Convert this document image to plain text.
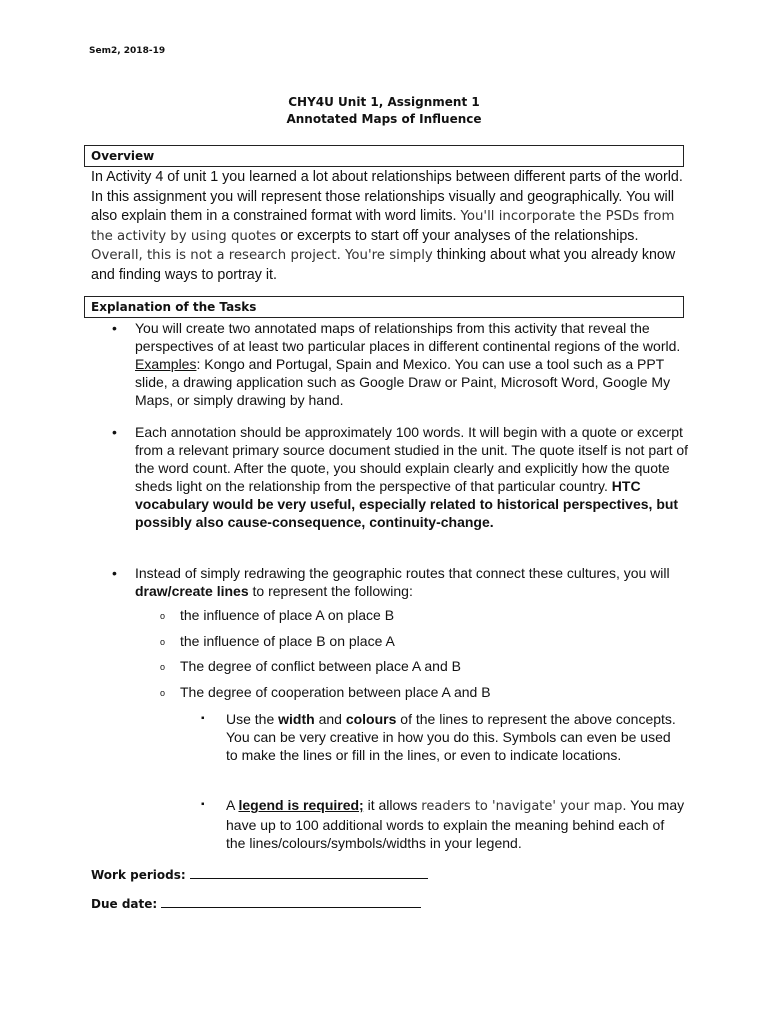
Sem2, 2018-19
CHY4U Unit 1, Assignment 1
Annotated Maps of Influence
Overview
In Activity 4 of unit 1 you learned a lot about relationships between different parts of the world. In this assignment you will represent those relationships visually and geographically. You will also explain them in a constrained format with word limits. You'll incorporate the PSDs from the activity by using quotes or excerpts to start off your analyses of the relationships. Overall, this is not a research project. You're simply thinking about what you already know and finding ways to portray it.
Explanation of the Tasks

• You will create two annotated maps of relationships from this activity that reveal the perspectives of at least two particular places in different continental regions of the world. Examples: Kongo and Portugal, Spain and Mexico. You can use a tool such as a PPT slide, a drawing application such as Google Draw or Paint, Microsoft Word, Google My Maps, or simply drawing by hand.

• Each annotation should be approximately 100 words. It will begin with a quote or excerpt from a relevant primary source document studied in the unit. The quote itself is not part of the word count. After the quote, you should explain clearly and explicitly how the quote sheds light on the relationship from the perspective of that particular country. HTC vocabulary would be very useful, especially related to historical perspectives, but possibly also cause-consequence, continuity-change.

• Instead of simply redrawing the geographic routes that connect these cultures, you will draw/create lines to represent the following:

o the influence of place A on place B
o the influence of place B on place A
o The degree of conflict between place A and B
o The degree of cooperation between place A and B
▪ Use the width and colours of the lines to represent the above concepts. You can be very creative in how you do this. Symbols can even be used to make the lines or fill in the lines, or even to indicate locations.
▪ A legend is required; it allows readers to 'navigate' your map. You may have up to 100 additional words to explain the meaning behind each of the lines/colours/symbols/widths in your legend.
Work periods:
Due date:
